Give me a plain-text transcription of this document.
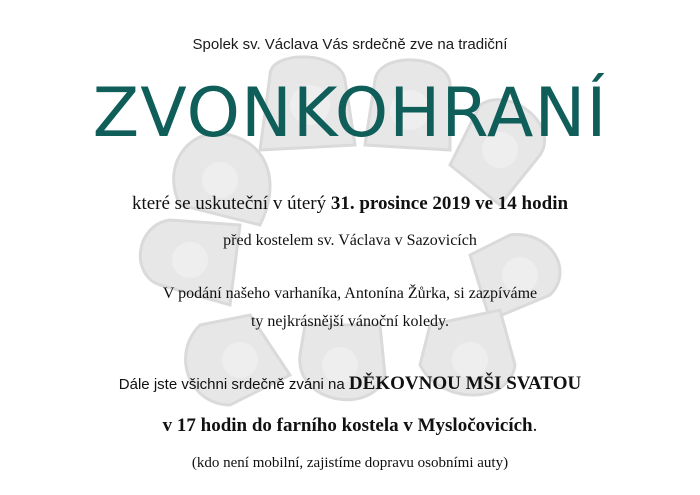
Spolek sv. Václava Vás srdečně zve na tradiční
ZVONKOHRANÍ
které se uskuteční v úterý 31. prosince 2019 ve 14 hodin
před kostelem sv. Václava v Sazovicích
V podání našeho varhaníka, Antonína Žůrka, si zazpíváme
ty nejkrásnější vánoční koledy.
Dále jste všichni srdečně zváni na DĚKOVNOU MŠI SVATOU
v 17 hodin do farního kostela v Mysločovicích.
(kdo není mobilní, zajistíme dopravu osobními auty)
